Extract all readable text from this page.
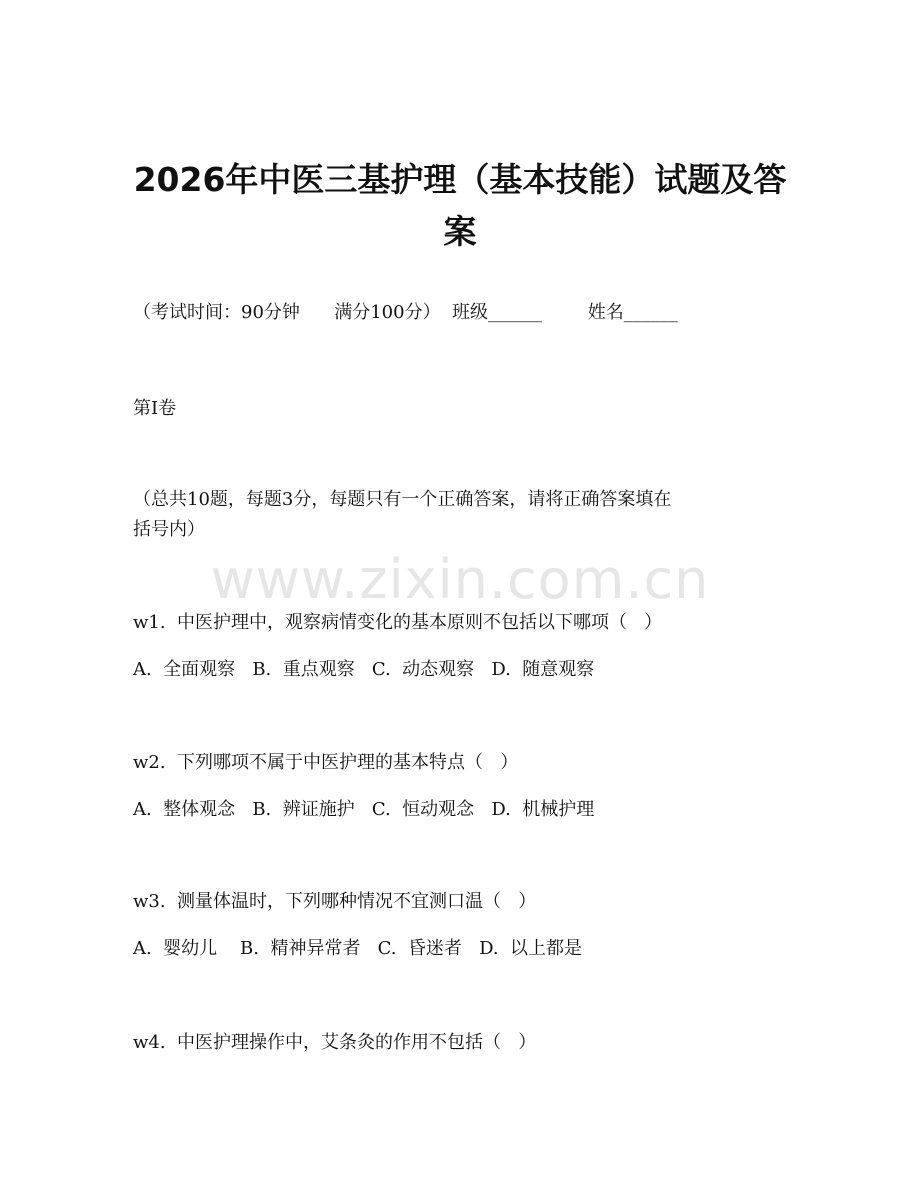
www.zixin.com.cn
2026年中医三基护理（基本技能）试题及答
案

（考试时间：90分钟      满分100分）  班级______        姓名______

第I卷

（总共10题，每题3分，每题只有一个正确答案，请将正确答案填在

括号内）

w1.  中医护理中，观察病情变化的基本原则不包括以下哪项（   ）

A.  全面观察   B.  重点观察   C.  动态观察   D.  随意观察

w2.  下列哪项不属于中医护理的基本特点（   ）

A.  整体观念   B.  辨证施护   C.  恒动观念   D.  机械护理

w3.  测量体温时，下列哪种情况不宜测口温（   ）

A.  婴幼儿    B.  精神异常者   C.  昏迷者   D.  以上都是

w4.  中医护理操作中，艾条灸的作用不包括（   ）
